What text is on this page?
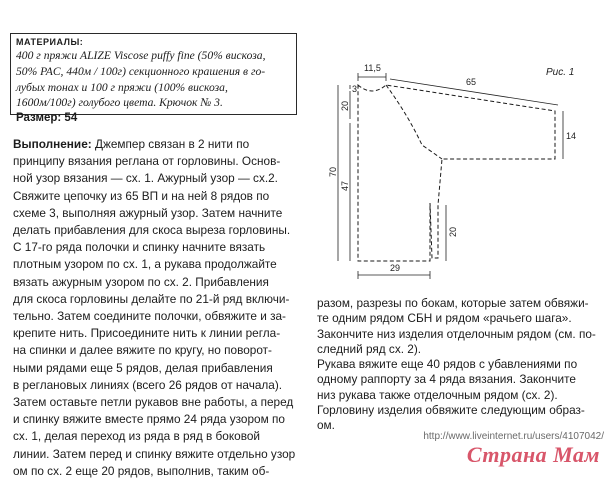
МАТЕРИАЛЫ:
400 г пряжи ALIZE Viscose puffy fine (50% вискоза,
50% PAC, 440м / 100г) секционного крашения в го-
лубых тонах и 100 г пряжи (100% вискоза,
1600м/100г) голубого цвета. Крючок № 3.
Размер: 54
Выполнение: Джемпер связан в 2 нити по
принципу вязания реглана от горловины. Основ-
ной узор вязания — сх. 1. Ажурный узор — сх.2.
Свяжите цепочку из 65 ВП и на ней 8 рядов по
схеме 3, выполняя ажурный узор. Затем начните
делать прибавления для скоса выреза горловины.
С 17-го ряда полочки и спинку начните вязать
плотным узором по сх. 1, а рукава продолжайте
вязать ажурным узором по сх. 2. Прибавления
для скоса горловины делайте по 21-й ряд включи-
тельно. Затем соедините полочки, обвяжите и за-
крепите нить. Присоедините нить к линии регла-
на спинки и далее вяжите по кругу, но поворот-
ными рядами еще 5 рядов, делая прибавления
в реглановых линиях (всего 26 рядов от начала).
Затем оставьте петли рукавов вне работы, а перед
и спинку вяжите вместе прямо 24 ряда узором по
сх. 1, делая переход из ряда в ряд в боковой
линии. Затем перед и спинку вяжите отдельно узор
ом по сх. 2 еще 20 рядов, выполнив, таким об-
разом, разрезы по бокам, которые затем обвяжи-
те одним рядом СБН и рядом «рачьего шага».
Закончите низ изделия отделочным рядом (см. по-
следний ряд сх. 2).
Рукава вяжите еще 40 рядов с убавлениями по
одному раппорту за 4 ряда вязания. Закончите
низ рукава также отделочным рядом (сх. 2).
Горловину изделия обвяжите следующим образ-
ом.
Рис. 1
11,5
65
14
3
20
70
47
20
29
http://www.liveinternet.ru/users/4107042/
Страна Мам
